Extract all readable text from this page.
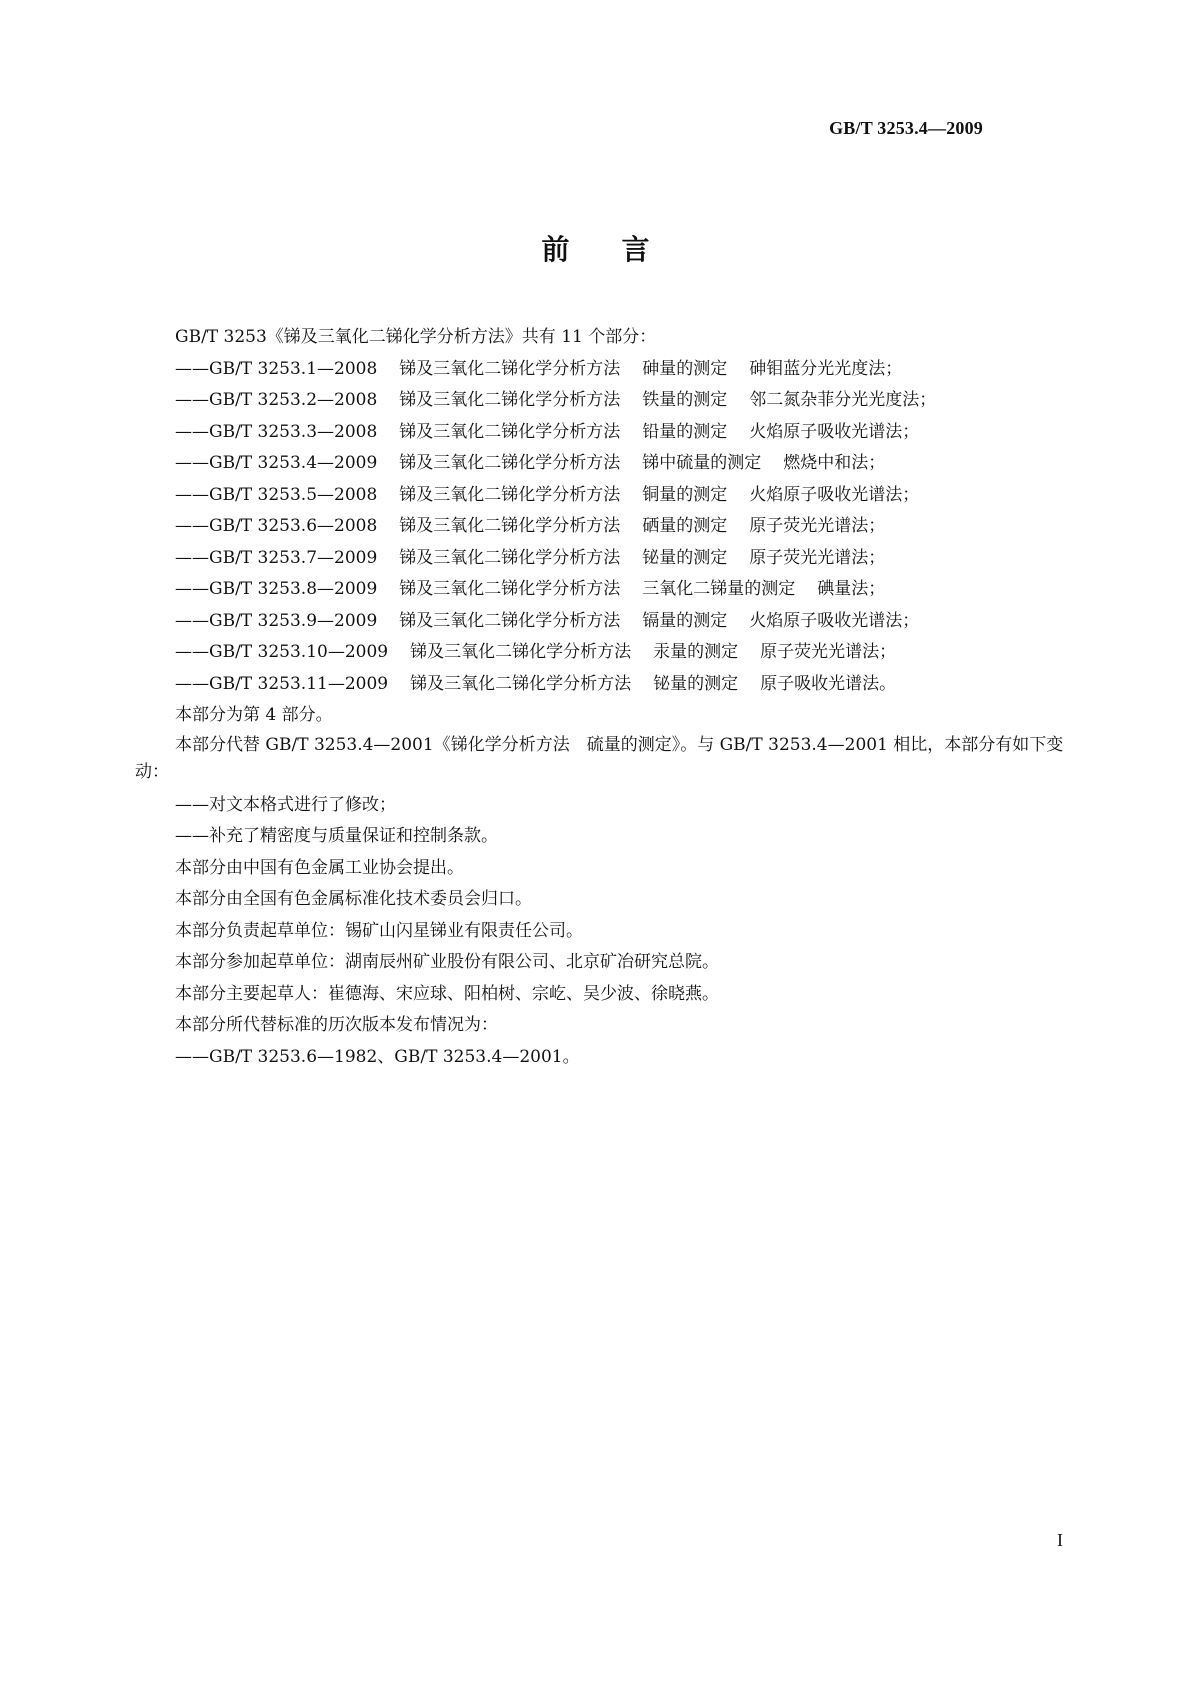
GB/T 3253.4—2009
前 言

GB/T 3253《锑及三氧化二锑化学分析方法》共有 11 个部分：

——GB/T 3253.1—2008 锑及三氧化二锑化学分析方法 砷量的测定 砷钼蓝分光光度法；

——GB/T 3253.2—2008 锑及三氧化二锑化学分析方法 铁量的测定 邻二氮杂菲分光光度法；

——GB/T 3253.3—2008 锑及三氧化二锑化学分析方法 铅量的测定 火焰原子吸收光谱法；

——GB/T 3253.4—2009 锑及三氧化二锑化学分析方法 锑中硫量的测定 燃烧中和法；

——GB/T 3253.5—2008 锑及三氧化二锑化学分析方法 铜量的测定 火焰原子吸收光谱法；

——GB/T 3253.6—2008 锑及三氧化二锑化学分析方法 硒量的测定 原子荧光光谱法；

——GB/T 3253.7—2009 锑及三氧化二锑化学分析方法 铋量的测定 原子荧光光谱法；

——GB/T 3253.8—2009 锑及三氧化二锑化学分析方法 三氧化二锑量的测定 碘量法；

——GB/T 3253.9—2009 锑及三氧化二锑化学分析方法 镉量的测定 火焰原子吸收光谱法；

——GB/T 3253.10—2009 锑及三氧化二锑化学分析方法 汞量的测定 原子荧光光谱法；

——GB/T 3253.11—2009 锑及三氧化二锑化学分析方法 铋量的测定 原子吸收光谱法。

本部分为第 4 部分。

本部分代替 GB/T 3253.4—2001《锑化学分析方法　硫量的测定》。与 GB/T 3253.4—2001 相比，本部分有如下变动：

——对文本格式进行了修改；

——补充了精密度与质量保证和控制条款。

本部分由中国有色金属工业协会提出。

本部分由全国有色金属标准化技术委员会归口。

本部分负责起草单位：锡矿山闪星锑业有限责任公司。

本部分参加起草单位：湖南辰州矿业股份有限公司、北京矿冶研究总院。

本部分主要起草人：崔德海、宋应球、阳柏树、宗屹、吴少波、徐晓燕。

本部分所代替标准的历次版本发布情况为：

——GB/T 3253.6—1982、GB/T 3253.4—2001。

I
